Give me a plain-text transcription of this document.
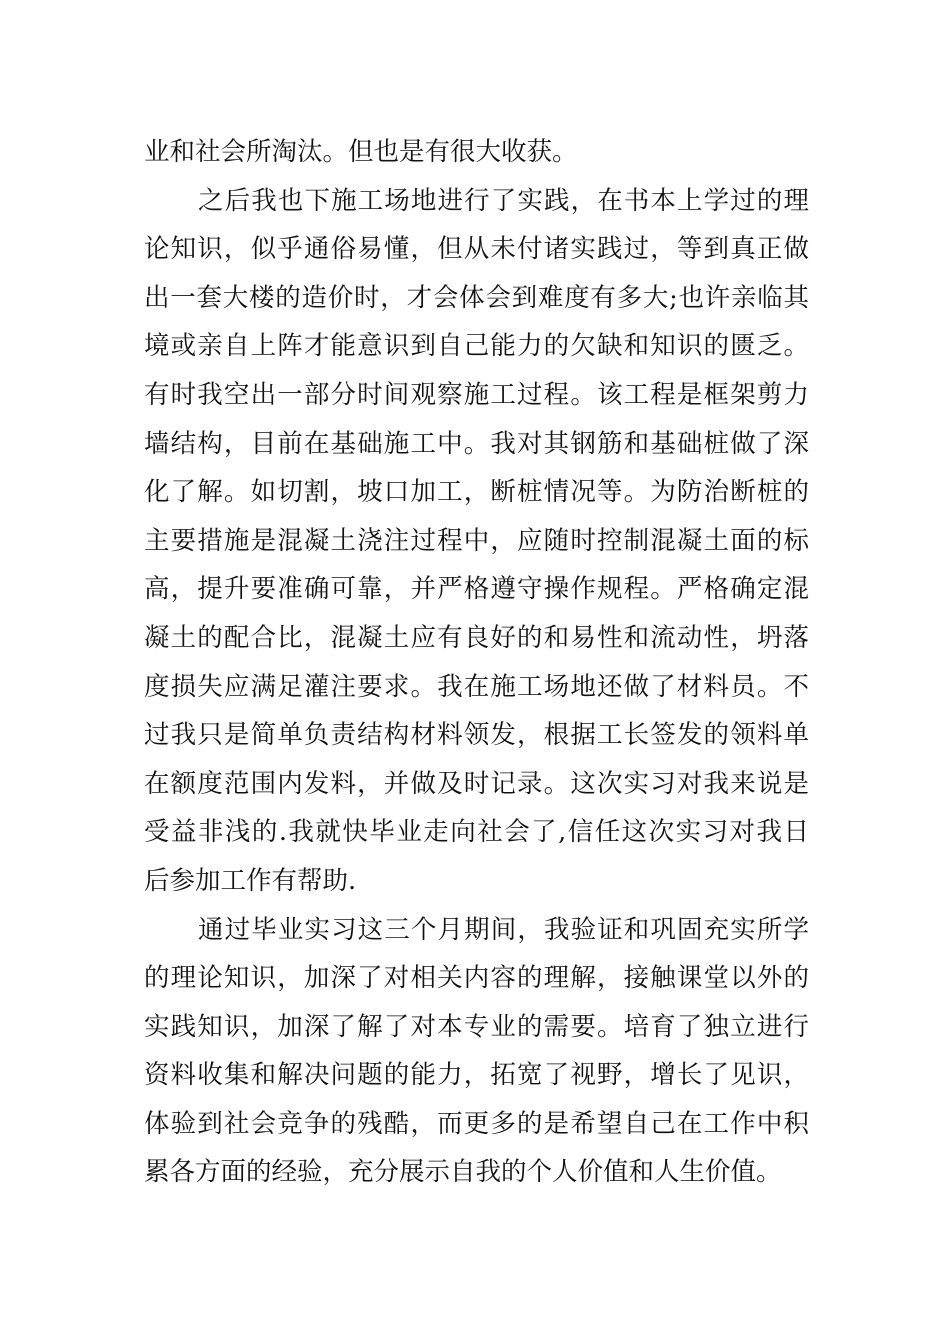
业和社会所淘汰。但也是有很大收获。
之后我也下施工场地进行了实践，在书本上学过的理
论知识，似乎通俗易懂，但从未付诸实践过，等到真正做
出一套大楼的造价时，才会体会到难度有多大;也许亲临其
境或亲自上阵才能意识到自己能力的欠缺和知识的匮乏。
有时我空出一部分时间观察施工过程。该工程是框架剪力
墙结构，目前在基础施工中。我对其钢筋和基础桩做了深
化了解。如切割，坡口加工，断桩情况等。为防治断桩的
主要措施是混凝土浇注过程中，应随时控制混凝土面的标
高，提升要准确可靠，并严格遵守操作规程。严格确定混
凝土的配合比，混凝土应有良好的和易性和流动性，坍落
度损失应满足灌注要求。我在施工场地还做了材料员。不
过我只是简单负责结构材料领发，根据工长签发的领料单
在额度范围内发料，并做及时记录。这次实习对我来说是
受益非浅的.我就快毕业走向社会了,信任这次实习对我日
后参加工作有帮助.
通过毕业实习这三个月期间，我验证和巩固充实所学
的理论知识，加深了对相关内容的理解，接触课堂以外的
实践知识，加深了解了对本专业的需要。培育了独立进行
资料收集和解决问题的能力，拓宽了视野，增长了见识，
体验到社会竞争的残酷，而更多的是希望自己在工作中积
累各方面的经验，充分展示自我的个人价值和人生价值。
